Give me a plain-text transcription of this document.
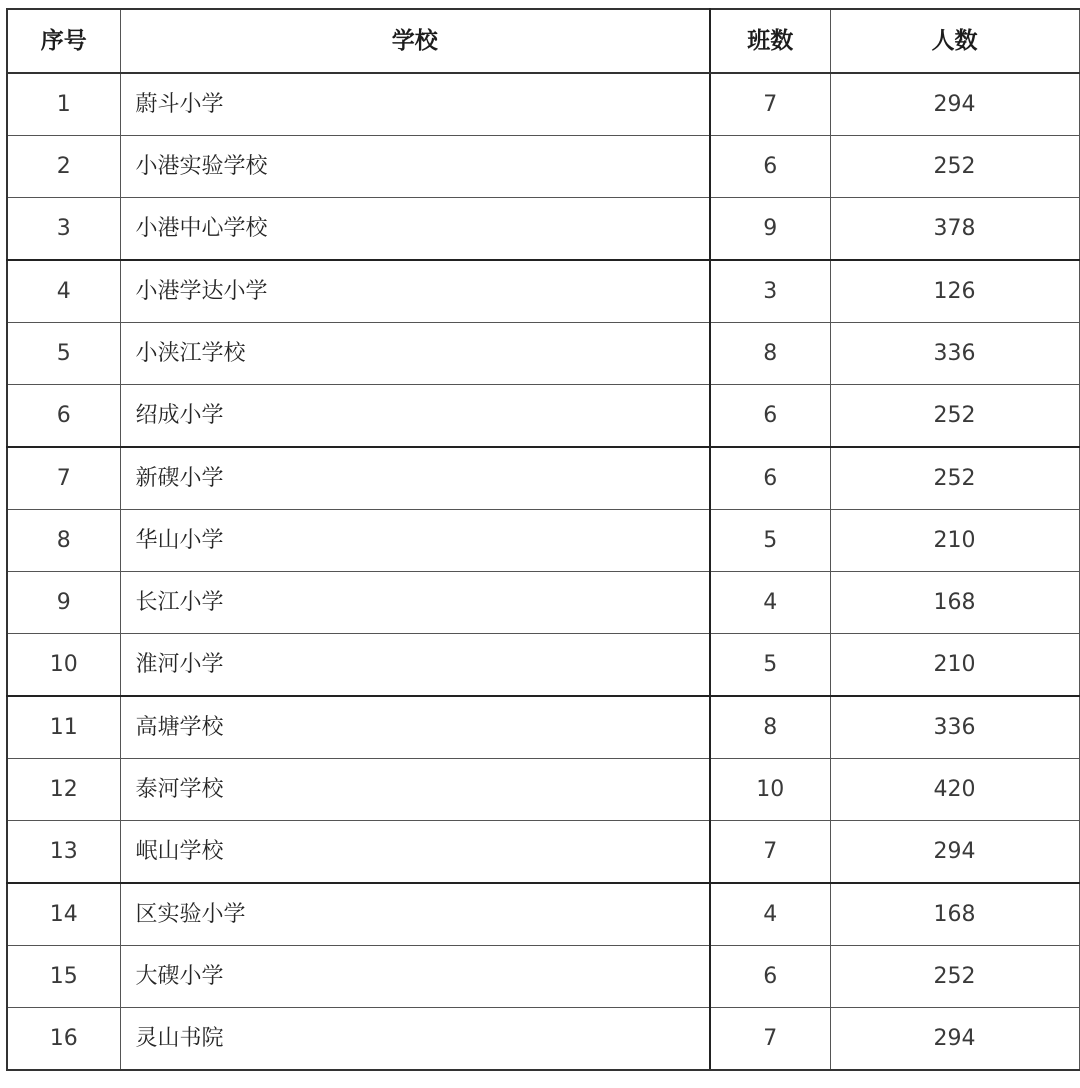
序号	学校	班数	人数
1	蔚斗小学	7	294
2	小港实验学校	6	252
3	小港中心学校	9	378
4	小港学达小学	3	126
5	小浃江学校	8	336
6	绍成小学	6	252
7	新碶小学	6	252
8	华山小学	5	210
9	长江小学	4	168
10	淮河小学	5	210
11	高塘学校	8	336
12	泰河学校	10	420
13	岷山学校	7	294
14	区实验小学	4	168
15	大碶小学	6	252
16	灵山书院	7	294
